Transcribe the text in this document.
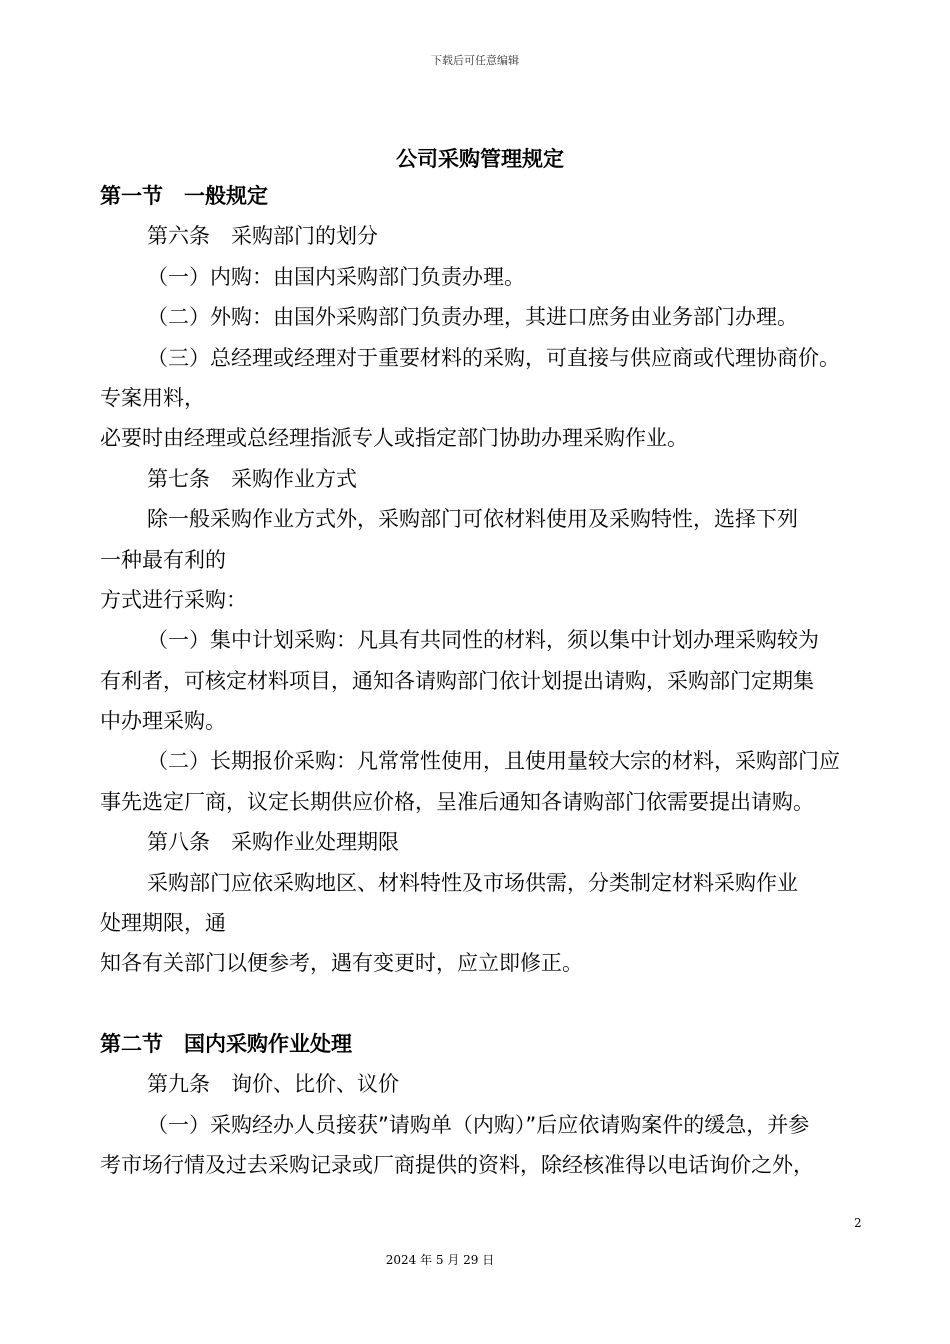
下载后可任意编辑
公司采购管理规定
第一节　一般规定
第六条　采购部门的划分
（一）内购：由国内采购部门负责办理。
（二）外购：由国外采购部门负责办理，其进口庶务由业务部门办理。
（三）总经理或经理对于重要材料的采购，可直接与供应商或代理协商价。
专案用料，
必要时由经理或总经理指派专人或指定部门协助办理采购作业。
第七条　采购作业方式
除一般采购作业方式外，采购部门可依材料使用及采购特性，选择下列
一种最有利的
方式进行采购：
（一）集中计划采购：凡具有共同性的材料，须以集中计划办理采购较为
有利者，可核定材料项目，通知各请购部门依计划提出请购，采购部门定期集
中办理采购。
（二）长期报价采购：凡常常性使用，且使用量较大宗的材料，采购部门应
事先选定厂商，议定长期供应价格，呈准后通知各请购部门依需要提出请购。
第八条　采购作业处理期限
采购部门应依采购地区、材料特性及市场供需，分类制定材料采购作业
处理期限，通
知各有关部门以便参考，遇有变更时，应立即修正。
第二节　国内采购作业处理
第九条　询价、比价、议价
（一）采购经办人员接获”请购单（内购）”后应依请购案件的缓急，并参
考市场行情及过去采购记录或厂商提供的资料，除经核准得以电话询价之外，
2
2024 年 5 月 29 日
